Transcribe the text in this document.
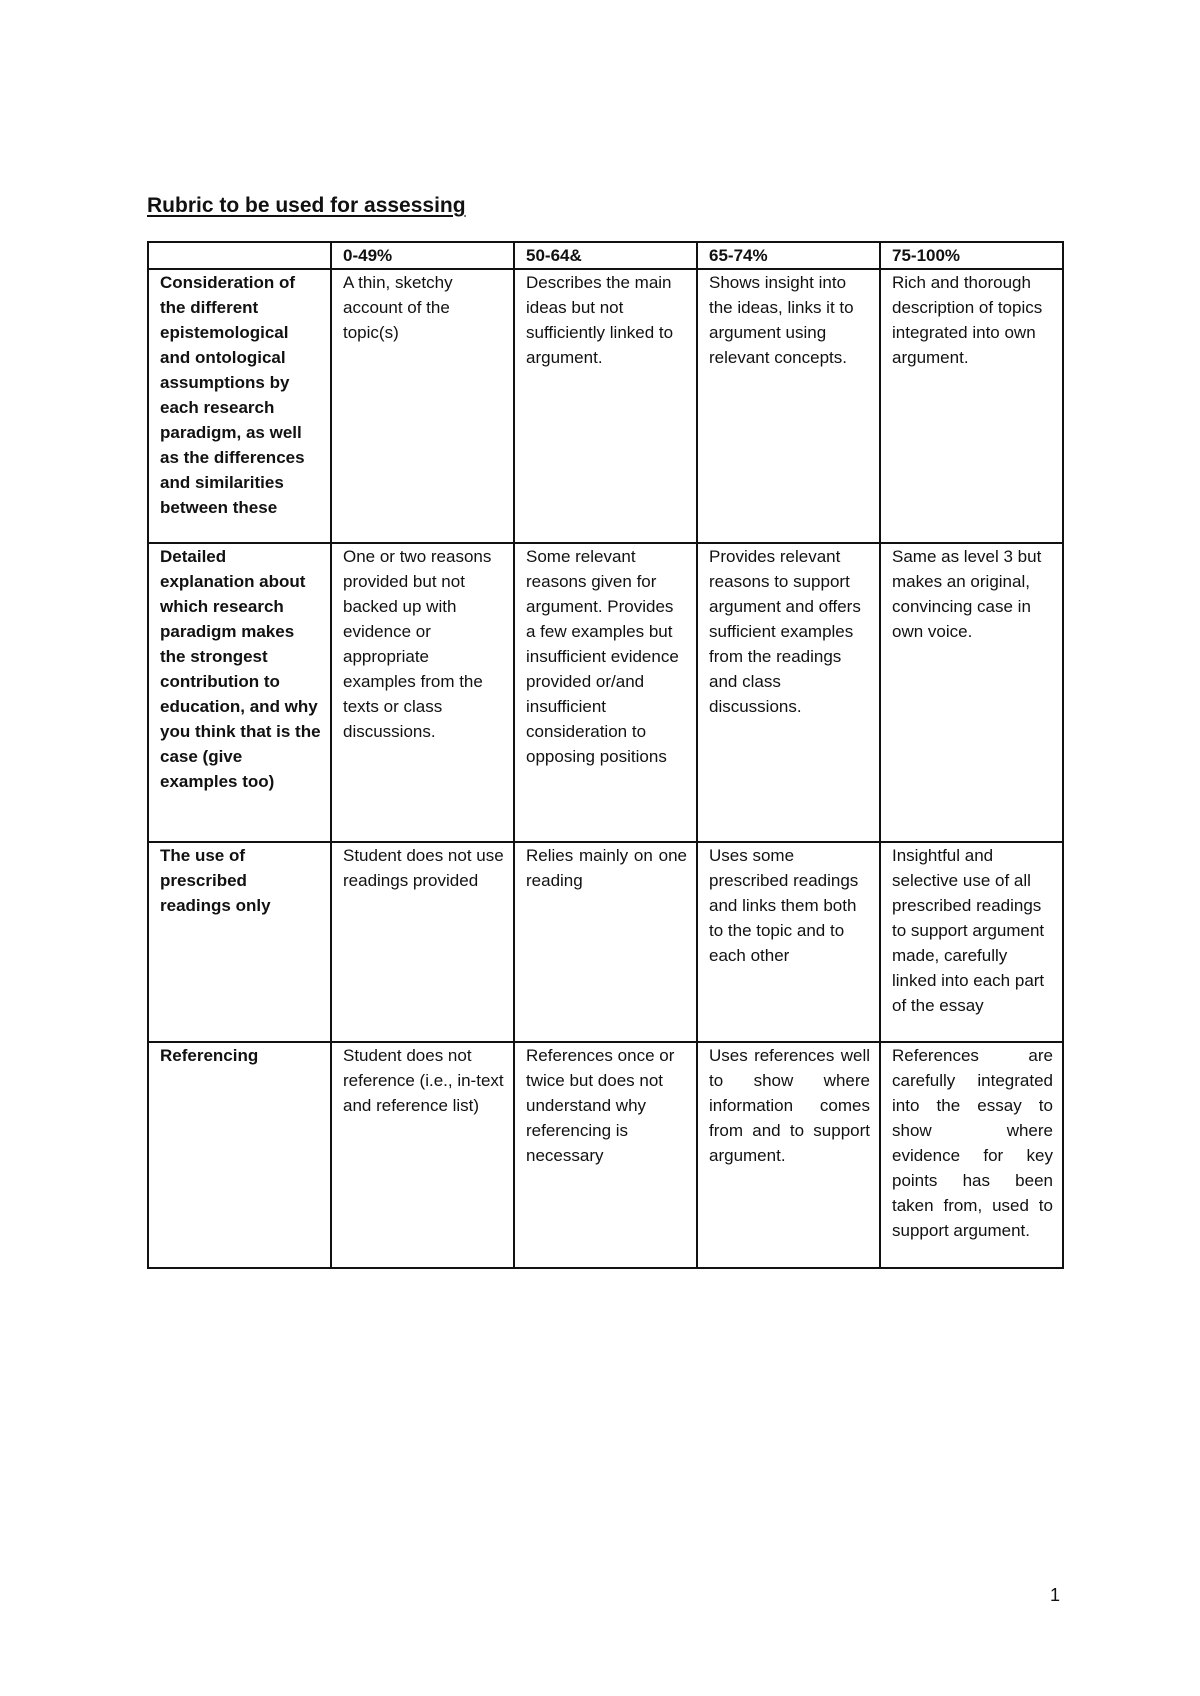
Rubric to be used for assessing
	0-49%	50-64&	65-74%	75-100%
Consideration of the different epistemological and ontological assumptions by each research paradigm, as well as the differences and similarities between these	A thin, sketchy account of the topic(s)	Describes the main ideas but not sufficiently linked to argument.	Shows insight into the ideas, links it to argument using relevant concepts.	Rich and thorough description of topics integrated into own argument.
Detailed explanation about which research paradigm makes the strongest contribution to education, and why you think that is the case (give examples too)	One or two reasons provided but not backed up with evidence or appropriate examples from the texts or class discussions.	Some relevant reasons given for argument. Provides a few examples but insufficient evidence provided or/and insufficient consideration to opposing positions	Provides relevant reasons to support argument and offers sufficient examples from the readings and class discussions.	Same as level 3 but makes an original, convincing case in own voice.
The use of prescribed readings only	Student does not use readings provided	Relies mainly on one reading	Uses some prescribed readings and links them both to the topic and to each other	Insightful and selective use of all prescribed readings to support argument made, carefully linked into each part of the essay
Referencing	Student does not reference (i.e., in-text and reference list)	References once or twice but does not understand why referencing is necessary	Uses references well to show where information comes from and to support argument.	References are carefully integrated into the essay to show where evidence for key points has been taken from, used to support argument.
1
